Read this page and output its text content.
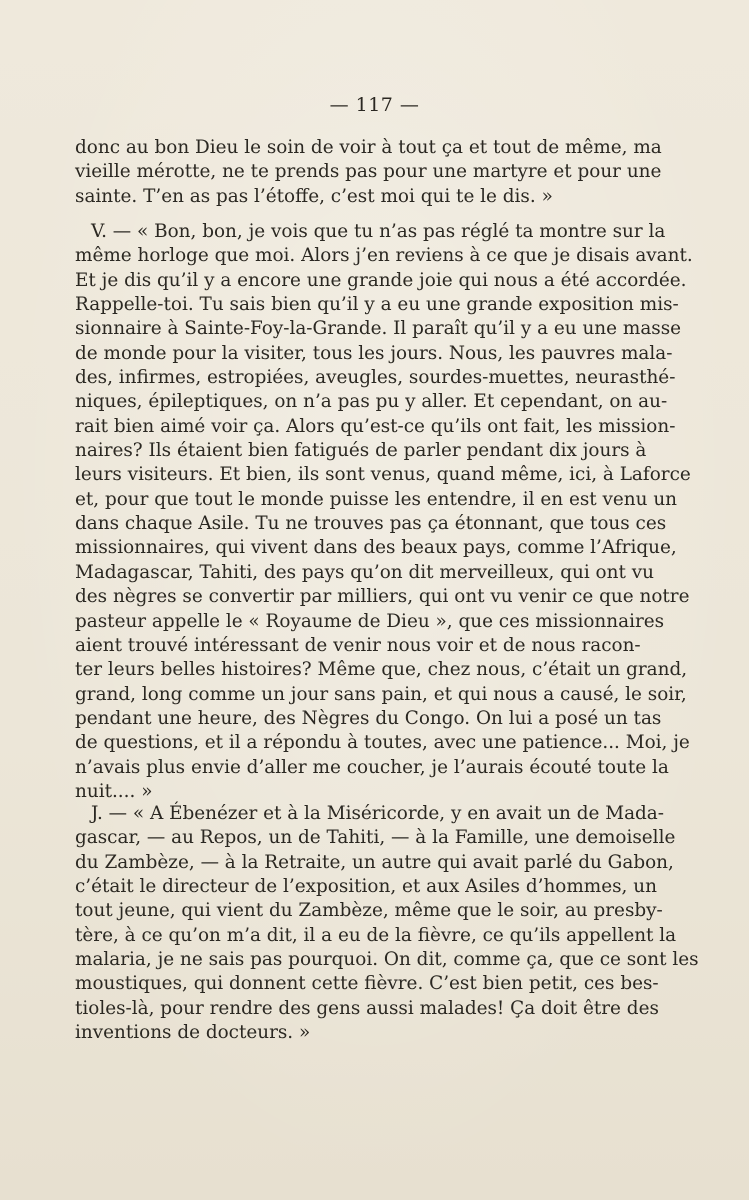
— 117 —
donc au bon Dieu le soin de voir à tout ça et tout de même, ma
vieille mérotte, ne te prends pas pour une martyre et pour une
sainte. T’en as pas l’étoffe, c’est moi qui te le dis. »
V. — « Bon, bon, je vois que tu n’as pas réglé ta montre sur la
même horloge que moi. Alors j’en reviens à ce que je disais avant.
Et je dis qu’il y a encore une grande joie qui nous a été accordée.
Rappelle-toi. Tu sais bien qu’il y a eu une grande exposition mis-
sionnaire à Sainte-Foy-la-Grande. Il paraît qu’il y a eu une masse
de monde pour la visiter, tous les jours. Nous, les pauvres mala-
des, infirmes, estropiées, aveugles, sourdes-muettes, neurasthé-
niques, épileptiques, on n’a pas pu y aller. Et cependant, on au-
rait bien aimé voir ça. Alors qu’est-ce qu’ils ont fait, les mission-
naires? Ils étaient bien fatigués de parler pendant dix jours à
leurs visiteurs. Et bien, ils sont venus, quand même, ici, à Laforce
et, pour que tout le monde puisse les entendre, il en est venu un
dans chaque Asile. Tu ne trouves pas ça étonnant, que tous ces
missionnaires, qui vivent dans des beaux pays, comme l’Afrique,
Madagascar, Tahiti, des pays qu’on dit merveilleux, qui ont vu
des nègres se convertir par milliers, qui ont vu venir ce que notre
pasteur appelle le « Royaume de Dieu », que ces missionnaires
aient trouvé intéressant de venir nous voir et de nous racon-
ter leurs belles histoires? Même que, chez nous, c’était un grand,
grand, long comme un jour sans pain, et qui nous a causé, le soir,
pendant une heure, des Nègres du Congo. On lui a posé un tas
de questions, et il a répondu à toutes, avec une patience... Moi, je
n’avais plus envie d’aller me coucher, je l’aurais écouté toute la
nuit.... »
J. — « A Ébenézer et à la Miséricorde, y en avait un de Mada-
gascar, — au Repos, un de Tahiti, — à la Famille, une demoiselle
du Zambèze, — à la Retraite, un autre qui avait parlé du Gabon,
c’était le directeur de l’exposition, et aux Asiles d’hommes, un
tout jeune, qui vient du Zambèze, même que le soir, au presby-
tère, à ce qu’on m’a dit, il a eu de la fièvre, ce qu’ils appellent la
malaria, je ne sais pas pourquoi. On dit, comme ça, que ce sont les
moustiques, qui donnent cette fièvre. C’est bien petit, ces bes-
tioles-là, pour rendre des gens aussi malades! Ça doit être des
inventions de docteurs. »
